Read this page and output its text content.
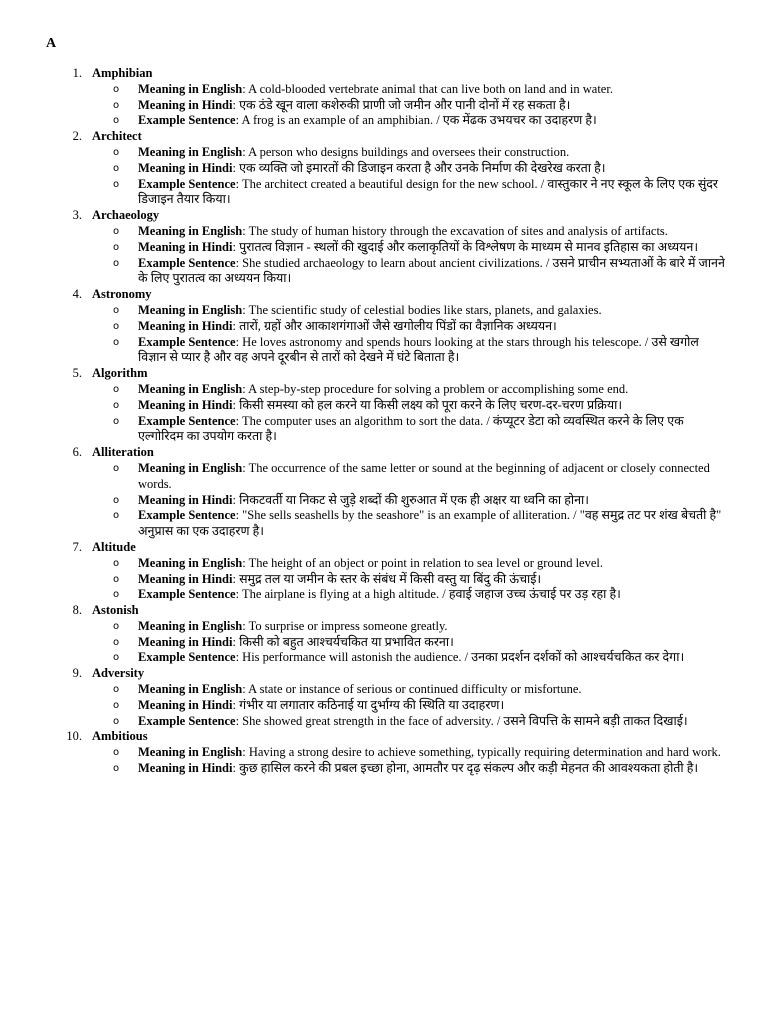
A
1. Amphibian
o Meaning in English: A cold-blooded vertebrate animal that can live both on land and in water.
o Meaning in Hindi: एक ठंडे खून वाला कशेरुकी प्राणी जो जमीन और पानी दोनों में रह सकता है।
o Example Sentence: A frog is an example of an amphibian. / एक मेंढक उभयचर का उदाहरण है।
2. Architect
o Meaning in English: A person who designs buildings and oversees their construction.
o Meaning in Hindi: एक व्यक्ति जो इमारतों की डिजाइन करता है और उनके निर्माण की देखरेख करता है।
o Example Sentence: The architect created a beautiful design for the new school. / वास्तुकार ने नए स्कूल के लिए एक सुंदर डिजाइन तैयार किया।
3. Archaeology
o Meaning in English: The study of human history through the excavation of sites and analysis of artifacts.
o Meaning in Hindi: पुरातत्व विज्ञान - स्थलों की खुदाई और कलाकृतियों के विश्लेषण के माध्यम से मानव इतिहास का अध्ययन।
o Example Sentence: She studied archaeology to learn about ancient civilizations. / उसने प्राचीन सभ्यताओं के बारे में जानने के लिए पुरातत्व का अध्ययन किया।
4. Astronomy
o Meaning in English: The scientific study of celestial bodies like stars, planets, and galaxies.
o Meaning in Hindi: तारों, ग्रहों और आकाशगंगाओं जैसे खगोलीय पिंडों का वैज्ञानिक अध्ययन।
o Example Sentence: He loves astronomy and spends hours looking at the stars through his telescope. / उसे खगोल विज्ञान से प्यार है और वह अपने दूरबीन से तारों को देखने में घंटे बिताता है।
5. Algorithm
o Meaning in English: A step-by-step procedure for solving a problem or accomplishing some end.
o Meaning in Hindi: किसी समस्या को हल करने या किसी लक्ष्य को पूरा करने के लिए चरण-दर-चरण प्रक्रिया।
o Example Sentence: The computer uses an algorithm to sort the data. / कंप्यूटर डेटा को व्यवस्थित करने के लिए एक एल्गोरिदम का उपयोग करता है।
6. Alliteration
o Meaning in English: The occurrence of the same letter or sound at the beginning of adjacent or closely connected words.
o Meaning in Hindi: निकटवर्ती या निकट से जुड़े शब्दों की शुरुआत में एक ही अक्षर या ध्वनि का होना।
o Example Sentence: "She sells seashells by the seashore" is an example of alliteration. / "वह समुद्र तट पर शंख बेचती है" अनुप्रास का एक उदाहरण है।
7. Altitude
o Meaning in English: The height of an object or point in relation to sea level or ground level.
o Meaning in Hindi: समुद्र तल या जमीन के स्तर के संबंध में किसी वस्तु या बिंदु की ऊंचाई।
o Example Sentence: The airplane is flying at a high altitude. / हवाई जहाज उच्च ऊंचाई पर उड़ रहा है।
8. Astonish
o Meaning in English: To surprise or impress someone greatly.
o Meaning in Hindi: किसी को बहुत आश्चर्यचकित या प्रभावित करना।
o Example Sentence: His performance will astonish the audience. / उनका प्रदर्शन दर्शकों को आश्चर्यचकित कर देगा।
9. Adversity
o Meaning in English: A state or instance of serious or continued difficulty or misfortune.
o Meaning in Hindi: गंभीर या लगातार कठिनाई या दुर्भाग्य की स्थिति या उदाहरण।
o Example Sentence: She showed great strength in the face of adversity. / उसने विपत्ति के सामने बड़ी ताकत दिखाई।
10. Ambitious
o Meaning in English: Having a strong desire to achieve something, typically requiring determination and hard work.
o Meaning in Hindi: कुछ हासिल करने की प्रबल इच्छा होना, आमतौर पर दृढ़ संकल्प और कड़ी मेहनत की आवश्यकता होती है।
